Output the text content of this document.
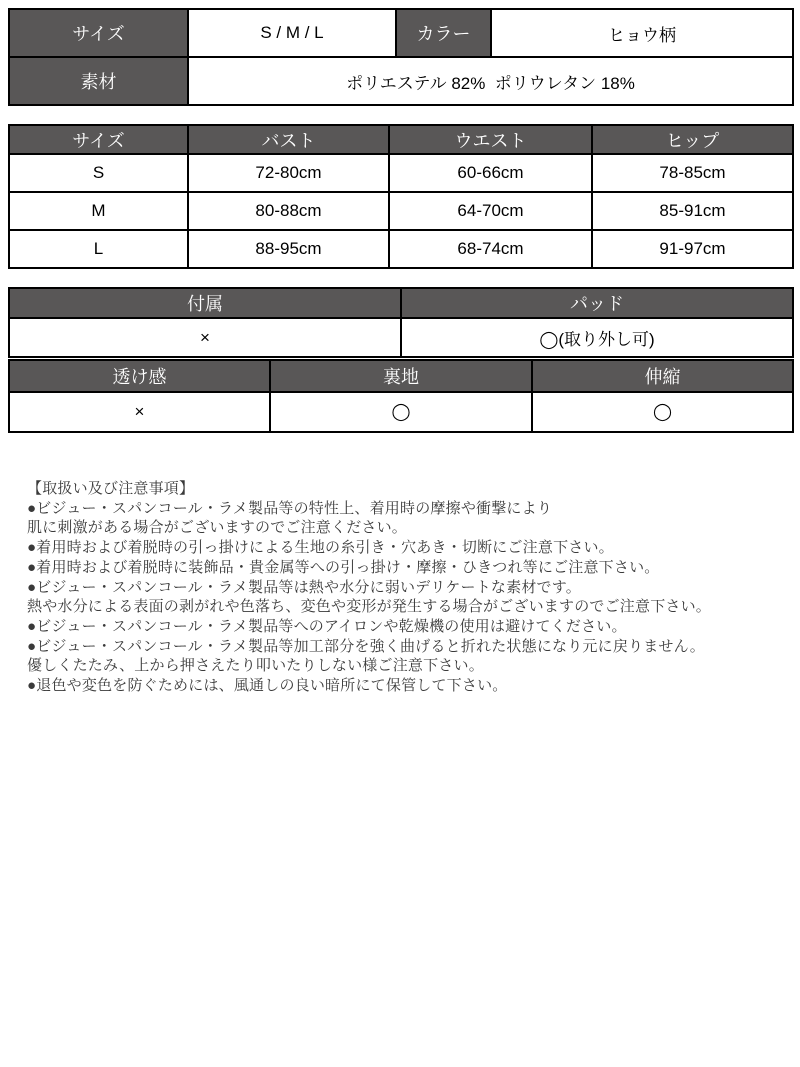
サイズ	S / M / L	カラー	ヒョウ柄
素材	ポリエステル 82%  ポリウレタン 18%		
サイズ	バスト	ウエスト	ヒップ
S	72-80cm	60-66cm	78-85cm
M	80-88cm	64-70cm	85-91cm
L	88-95cm	68-74cm	91-97cm
付属	パッド
×	◯(取り外し可)
透け感	裏地	伸縮
×	◯	◯
【取扱い及び注意事項】
●ビジュー・スパンコール・ラメ製品等の特性上、着用時の摩擦や衝撃により
肌に刺激がある場合がございますのでご注意ください。
●着用時および着脱時の引っ掛けによる生地の糸引き・穴あき・切断にご注意下さい。
●着用時および着脱時に装飾品・貴金属等への引っ掛け・摩擦・ひきつれ等にご注意下さい。
●ビジュー・スパンコール・ラメ製品等は熱や水分に弱いデリケートな素材です。
熱や水分による表面の剥がれや色落ち、変色や変形が発生する場合がございますのでご注意下さい。
●ビジュー・スパンコール・ラメ製品等へのアイロンや乾燥機の使用は避けてください。
●ビジュー・スパンコール・ラメ製品等加工部分を強く曲げると折れた状態になり元に戻りません。
優しくたたみ、上から押さえたり叩いたりしない様ご注意下さい。
●退色や変色を防ぐためには、風通しの良い暗所にて保管して下さい。
